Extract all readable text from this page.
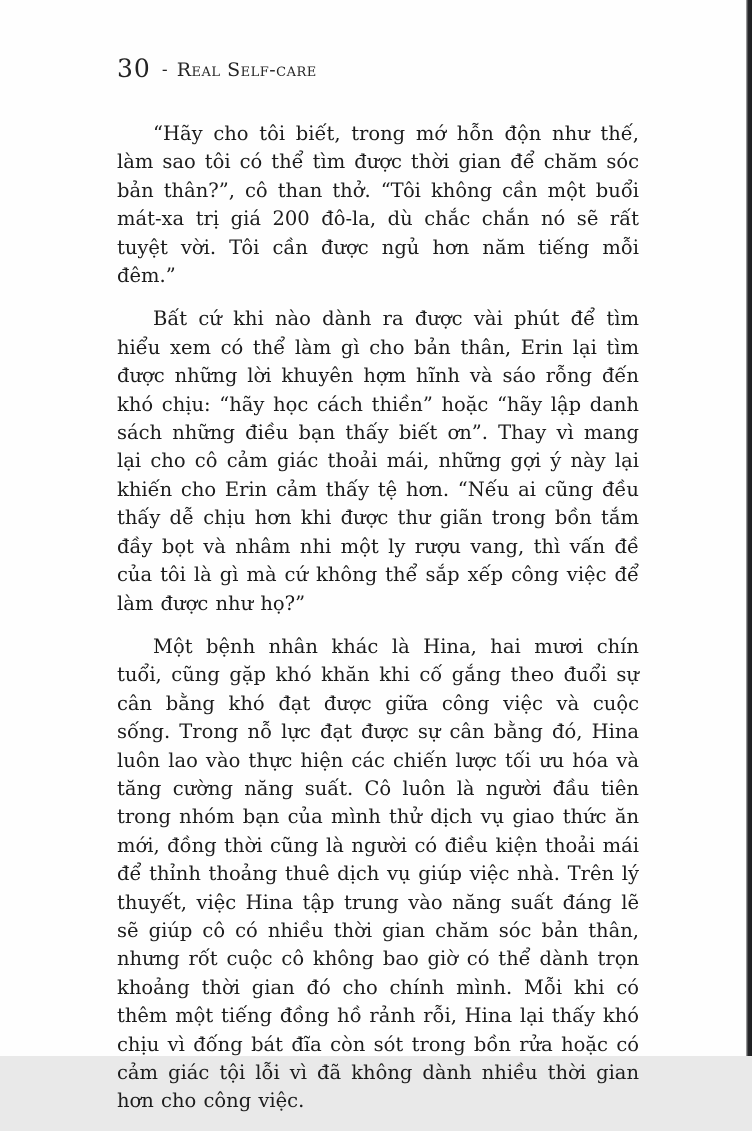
30 - Real Self-care

“Hãy cho tôi biết, trong mớ hỗn độn như thế, làm sao tôi có thể tìm được thời gian để chăm sóc bản thân?”, cô than thở. “Tôi không cần một buổi mát-xa trị giá 200 đô-la, dù chắc chắn nó sẽ rất tuyệt vời. Tôi cần được ngủ hơn năm tiếng mỗi đêm.”

Bất cứ khi nào dành ra được vài phút để tìm hiểu xem có thể làm gì cho bản thân, Erin lại tìm được những lời khuyên hợm hĩnh và sáo rỗng đến khó chịu: “hãy học cách thiền” hoặc “hãy lập danh sách những điều bạn thấy biết ơn”. Thay vì mang lại cho cô cảm giác thoải mái, những gợi ý này lại khiến cho Erin cảm thấy tệ hơn. “Nếu ai cũng đều thấy dễ chịu hơn khi được thư giãn trong bồn tắm đầy bọt và nhâm nhi một ly rượu vang, thì vấn đề của tôi là gì mà cứ không thể sắp xếp công việc để làm được như họ?”

Một bệnh nhân khác là Hina, hai mươi chín tuổi, cũng gặp khó khăn khi cố gắng theo đuổi sự cân bằng khó đạt được giữa công việc và cuộc sống. Trong nỗ lực đạt được sự cân bằng đó, Hina luôn lao vào thực hiện các chiến lược tối ưu hóa và tăng cường năng suất. Cô luôn là người đầu tiên trong nhóm bạn của mình thử dịch vụ giao thức ăn mới, đồng thời cũng là người có điều kiện thoải mái để thỉnh thoảng thuê dịch vụ giúp việc nhà. Trên lý thuyết, việc Hina tập trung vào năng suất đáng lẽ sẽ giúp cô có nhiều thời gian chăm sóc bản thân, nhưng rốt cuộc cô không bao giờ có thể dành trọn khoảng thời gian đó cho chính mình. Mỗi khi có thêm một tiếng đồng hồ rảnh rỗi, Hina lại thấy khó chịu vì đống bát đĩa còn sót trong bồn rửa hoặc có cảm giác tội lỗi vì đã không dành nhiều thời gian hơn cho công việc.
